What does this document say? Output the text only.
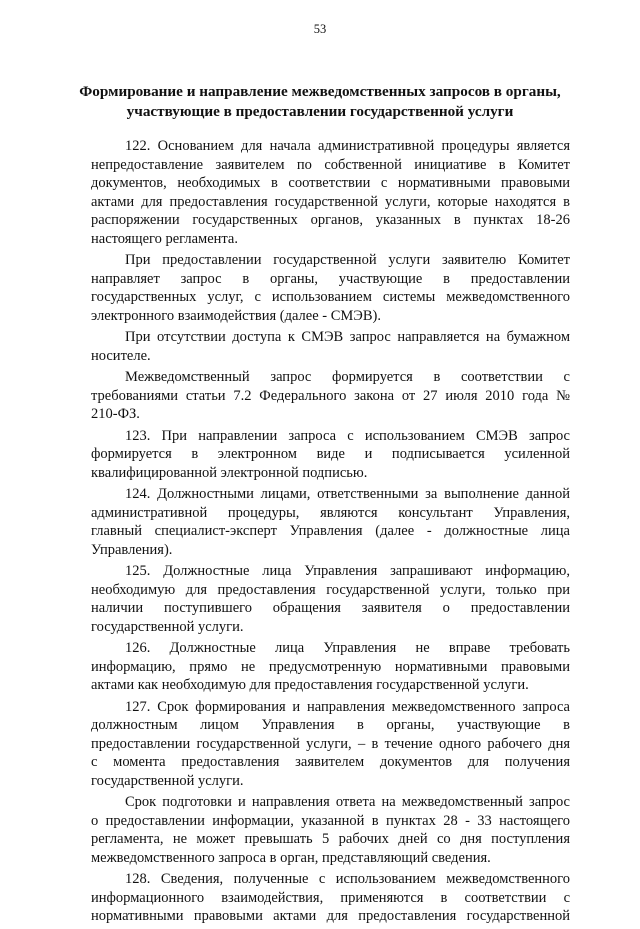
53
Формирование и направление межведомственных запросов в органы,
участвующие в предоставлении государственной услуги
122. Основанием для начала административной процедуры является
непредоставление заявителем по собственной инициативе в Комитет
документов, необходимых в соответствии с нормативными правовыми
актами для предоставления государственной услуги, которые находятся в
распоряжении государственных органов, указанных в пунктах 18-26
настоящего регламента.
При предоставлении государственной услуги заявителю Комитет
направляет запрос в органы, участвующие в предоставлении
государственных услуг, с использованием системы межведомственного
электронного взаимодействия (далее - СМЭВ).
При отсутствии доступа к СМЭВ запрос направляется на бумажном
носителе.
Межведомственный запрос формируется в соответствии с
требованиями статьи 7.2 Федерального закона от 27 июля 2010 года №
210-ФЗ.
123. При направлении запроса с использованием СМЭВ запрос
формируется в электронном виде и подписывается усиленной
квалифицированной электронной подписью.
124. Должностными лицами, ответственными за выполнение данной
административной процедуры, являются консультант Управления,
главный специалист-эксперт Управления (далее - должностные лица
Управления).
125. Должностные лица Управления запрашивают информацию,
необходимую для предоставления государственной услуги, только при
наличии поступившего обращения заявителя о предоставлении
государственной услуги.
126. Должностные лица Управления не вправе требовать
информацию, прямо не предусмотренную нормативными правовыми
актами как необходимую для предоставления государственной услуги.
127. Срок формирования и направления межведомственного запроса
должностным лицом Управления в органы, участвующие в
предоставлении государственной услуги, – в течение одного рабочего дня
с момента предоставления заявителем документов для получения
государственной услуги.
Срок подготовки и направления ответа на межведомственный запрос
о предоставлении информации, указанной в пунктах 28 - 33 настоящего
регламента, не может превышать 5 рабочих дней со дня поступления
межведомственного запроса в орган, представляющий сведения.
128. Сведения, полученные с использованием межведомственного
информационного взаимодействия, применяются в соответствии с
нормативными правовыми актами для предоставления государственной
